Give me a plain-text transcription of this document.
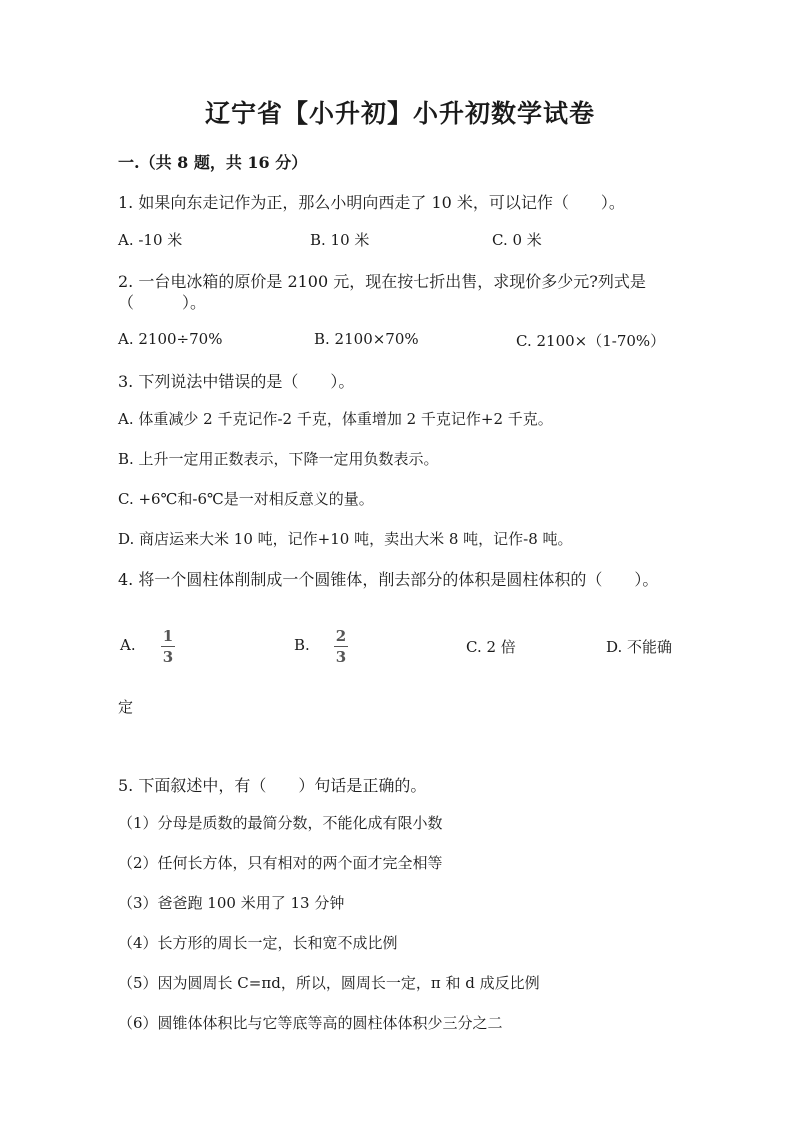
辽宁省【小升初】小升初数学试卷
一.（共 8 题，共 16 分）
1. 如果向东走记作为正，那么小明向西走了 10 米，可以记作（　　）。
A. -10 米	B. 10 米	C. 0 米
2. 一台电冰箱的原价是 2100 元，现在按七折出售，求现价多少元?列式是
（　　　）。
A. 2100÷70%	B. 2100×70%	C. 2100×（1-70%）
3. 下列说法中错误的是（　　）。
A. 体重减少 2 千克记作-2 千克，体重增加 2 千克记作+2 千克。
B. 上升一定用正数表示，下降一定用负数表示。
C. +6℃和-6℃是一对相反意义的量。
D. 商店运来大米 10 吨，记作+10 吨，卖出大米 8 吨，记作-8 吨。
4. 将一个圆柱体削制成一个圆锥体，削去部分的体积是圆柱体积的（　　）。
A. 1
3
B. 2
3
C. 2 倍	D. 不能确
定
5. 下面叙述中，有（　　）句话是正确的。
（1）分母是质数的最简分数，不能化成有限小数
（2）任何长方体，只有相对的两个面才完全相等
（3）爸爸跑 100 米用了 13 分钟
（4）长方形的周长一定，长和宽不成比例
（5）因为圆周长 C=πd，所以，圆周长一定，π 和 d 成反比例
（6）圆锥体体积比与它等底等高的圆柱体体积少三分之二
